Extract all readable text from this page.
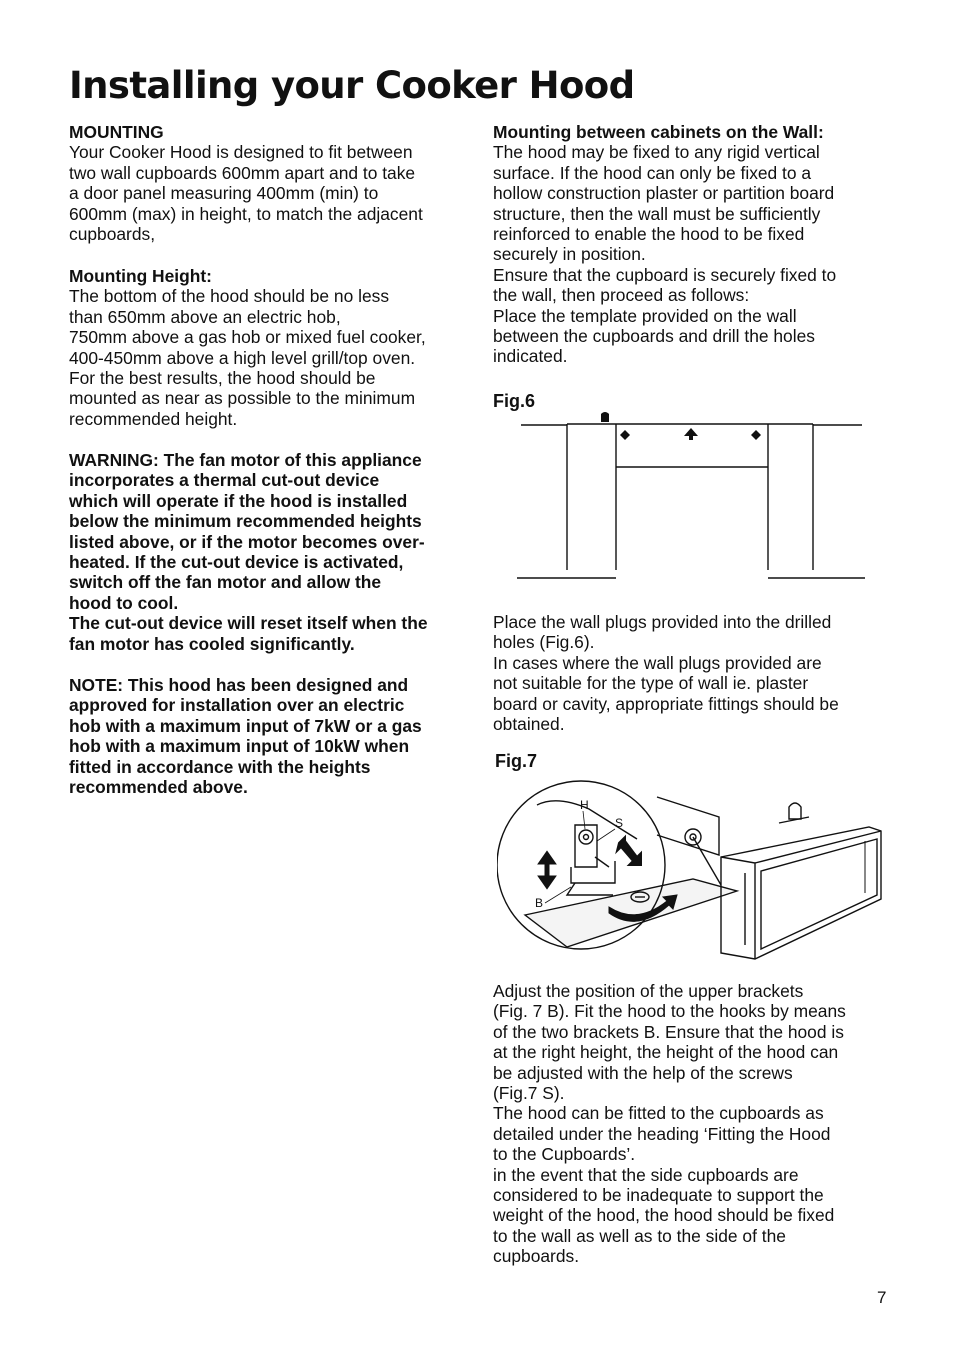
Installing your Cooker Hood
MOUNTING
Your Cooker Hood is designed to fit between
two wall cupboards 600mm apart and to take
a door panel measuring 400mm (min) to
600mm (max) in height, to match the adjacent
cupboards,
Mounting Height:
The bottom of the hood should be no less
than 650mm above an electric hob,
750mm above a gas hob or mixed fuel cooker,
400-450mm above a high level grill/top oven.
For the best results, the hood should be
mounted as near as possible to the minimum
recommended height.
WARNING: The fan motor of this appliance
incorporates a thermal cut-out device
which will operate if the hood is installed
below the minimum recommended heights
listed above, or if the motor becomes over-
heated. If the cut-out device is activated,
switch off the fan motor and allow the
hood to cool.
The cut-out device will reset itself when the
fan motor has cooled significantly.
NOTE: This hood has been designed and
approved for installation over an electric
hob with a maximum input of 7kW or a gas
hob with a maximum input of 10kW when
fitted in accordance with the heights
recommended above.
Mounting between cabinets on the Wall:
The hood may be fixed to any rigid vertical
surface. If the hood can only be fixed to a
hollow construction plaster or partition board
structure, then the wall must be sufficiently
reinforced to enable the hood to be fixed
securely in position.
Ensure that the cupboard is securely fixed to
the wall, then proceed as follows:
Place the template provided on the wall
between the cupboards and drill the holes
indicated.
Place the wall plugs provided into the drilled
holes (Fig.6).
In cases where the wall plugs provided are
not suitable for the type of wall ie. plaster
board or cavity, appropriate fittings should be
obtained.
Adjust the position of the upper brackets
(Fig. 7 B). Fit the hood to the hooks by means
of the two brackets B. Ensure that the hood is
at the right height, the height of the hood can
be adjusted with the help of the screws
(Fig.7 S).
The hood can be fitted to the cupboards as
detailed under the heading ‘Fitting the Hood
to the Cupboards’.
in the event that the side cupboards are
considered to be inadequate to support the
weight of the hood, the hood should be fixed
to the wall as well as to the side of the
cupboards.
Fig.6
Fig.7
H
S
B
7
